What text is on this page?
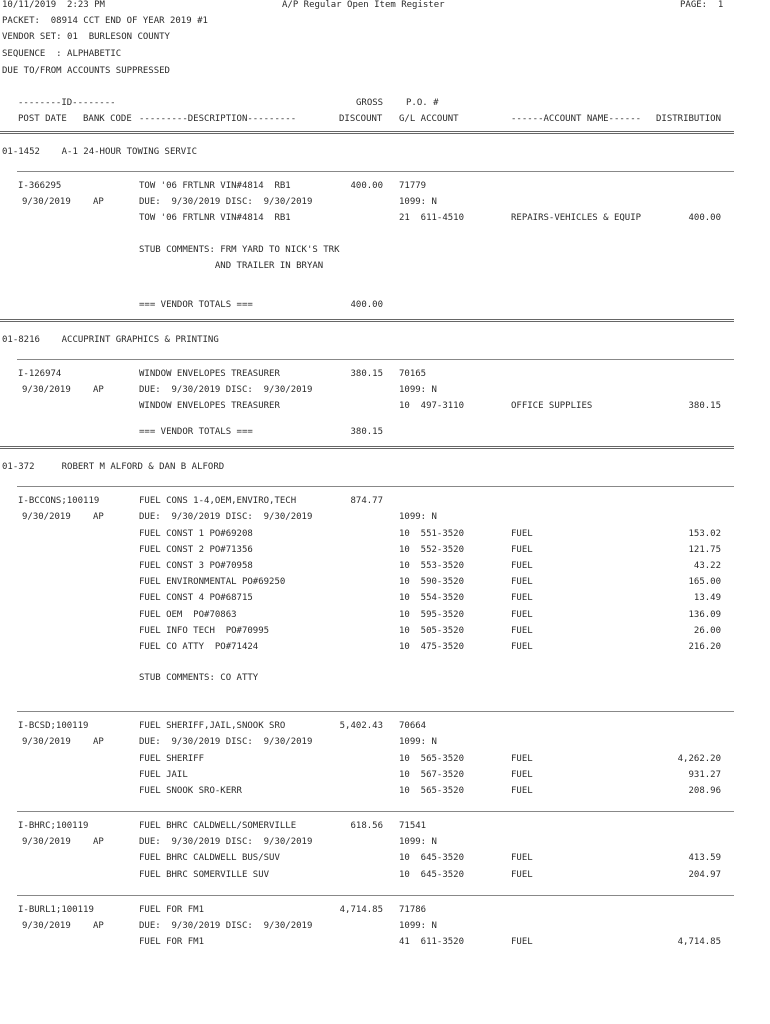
10/11/2019  2:23 PM	A/P Regular Open Item Register	PAGE:  1
PACKET:  08914 CCT END OF YEAR 2019 #1
VENDOR SET: 01  BURLESON COUNTY
SEQUENCE  : ALPHABETIC
DUE TO/FROM ACCOUNTS SUPPRESSED
--------ID--------	GROSS	P.O. #
POST DATE BANK CODE ---------DESCRIPTION---------	DISCOUNT G/L ACCOUNT	------ACCOUNT NAME------ DISTRIBUTION
01-1452    A-1 24-HOUR TOWING SERVIC
I-366295	TOW '06 FRTLNR VIN#4814  RB1	400.00 71779
9/30/2019 AP	DUE:  9/30/2019 DISC:  9/30/2019	1099: N
TOW '06 FRTLNR VIN#4814  RB1	21  611-4510	REPAIRS-VEHICLES & EQUIP	400.00
STUB COMMENTS: FRM YARD TO NICK'S TRK
AND TRAILER IN BRYAN
=== VENDOR TOTALS ===	400.00
01-8216    ACCUPRINT GRAPHICS & PRINTING
I-126974	WINDOW ENVELOPES TREASURER	380.15 70165
9/30/2019 AP	DUE:  9/30/2019 DISC:  9/30/2019	1099: N
WINDOW ENVELOPES TREASURER	10  497-3110	OFFICE SUPPLIES	380.15
=== VENDOR TOTALS ===	380.15
01-372     ROBERT M ALFORD & DAN B ALFORD
I-BCCONS;100119	FUEL CONS 1-4,OEM,ENVIRO,TECH	874.77
9/30/2019 AP	DUE:  9/30/2019 DISC:  9/30/2019	1099: N
FUEL CONST 1 PO#69208	10  551-3520	FUEL	153.02
FUEL CONST 2 PO#71356	10  552-3520	FUEL	121.75
FUEL CONST 3 PO#70958	10  553-3520	FUEL	43.22
FUEL ENVIRONMENTAL PO#69250	10  590-3520	FUEL	165.00
FUEL CONST 4 PO#68715	10  554-3520	FUEL	13.49
FUEL OEM  PO#70863	10  595-3520	FUEL	136.09
FUEL INFO TECH  PO#70995	10  505-3520	FUEL	26.00
FUEL CO ATTY  PO#71424	10  475-3520	FUEL	216.20
STUB COMMENTS: CO ATTY
I-BCSD;100119	FUEL SHERIFF,JAIL,SNOOK SRO	5,402.43 70664
9/30/2019 AP	DUE:  9/30/2019 DISC:  9/30/2019	1099: N
FUEL SHERIFF	10  565-3520	FUEL	4,262.20
FUEL JAIL	10  567-3520	FUEL	931.27
FUEL SNOOK SRO-KERR	10  565-3520	FUEL	208.96
I-BHRC;100119	FUEL BHRC CALDWELL/SOMERVILLE	618.56 71541
9/30/2019 AP	DUE:  9/30/2019 DISC:  9/30/2019	1099: N
FUEL BHRC CALDWELL BUS/SUV	10  645-3520	FUEL	413.59
FUEL BHRC SOMERVILLE SUV	10  645-3520	FUEL	204.97
I-BURL1;100119	FUEL FOR FM1	4,714.85 71786
9/30/2019 AP	DUE:  9/30/2019 DISC:  9/30/2019	1099: N
FUEL FOR FM1	41  611-3520	FUEL	4,714.85
